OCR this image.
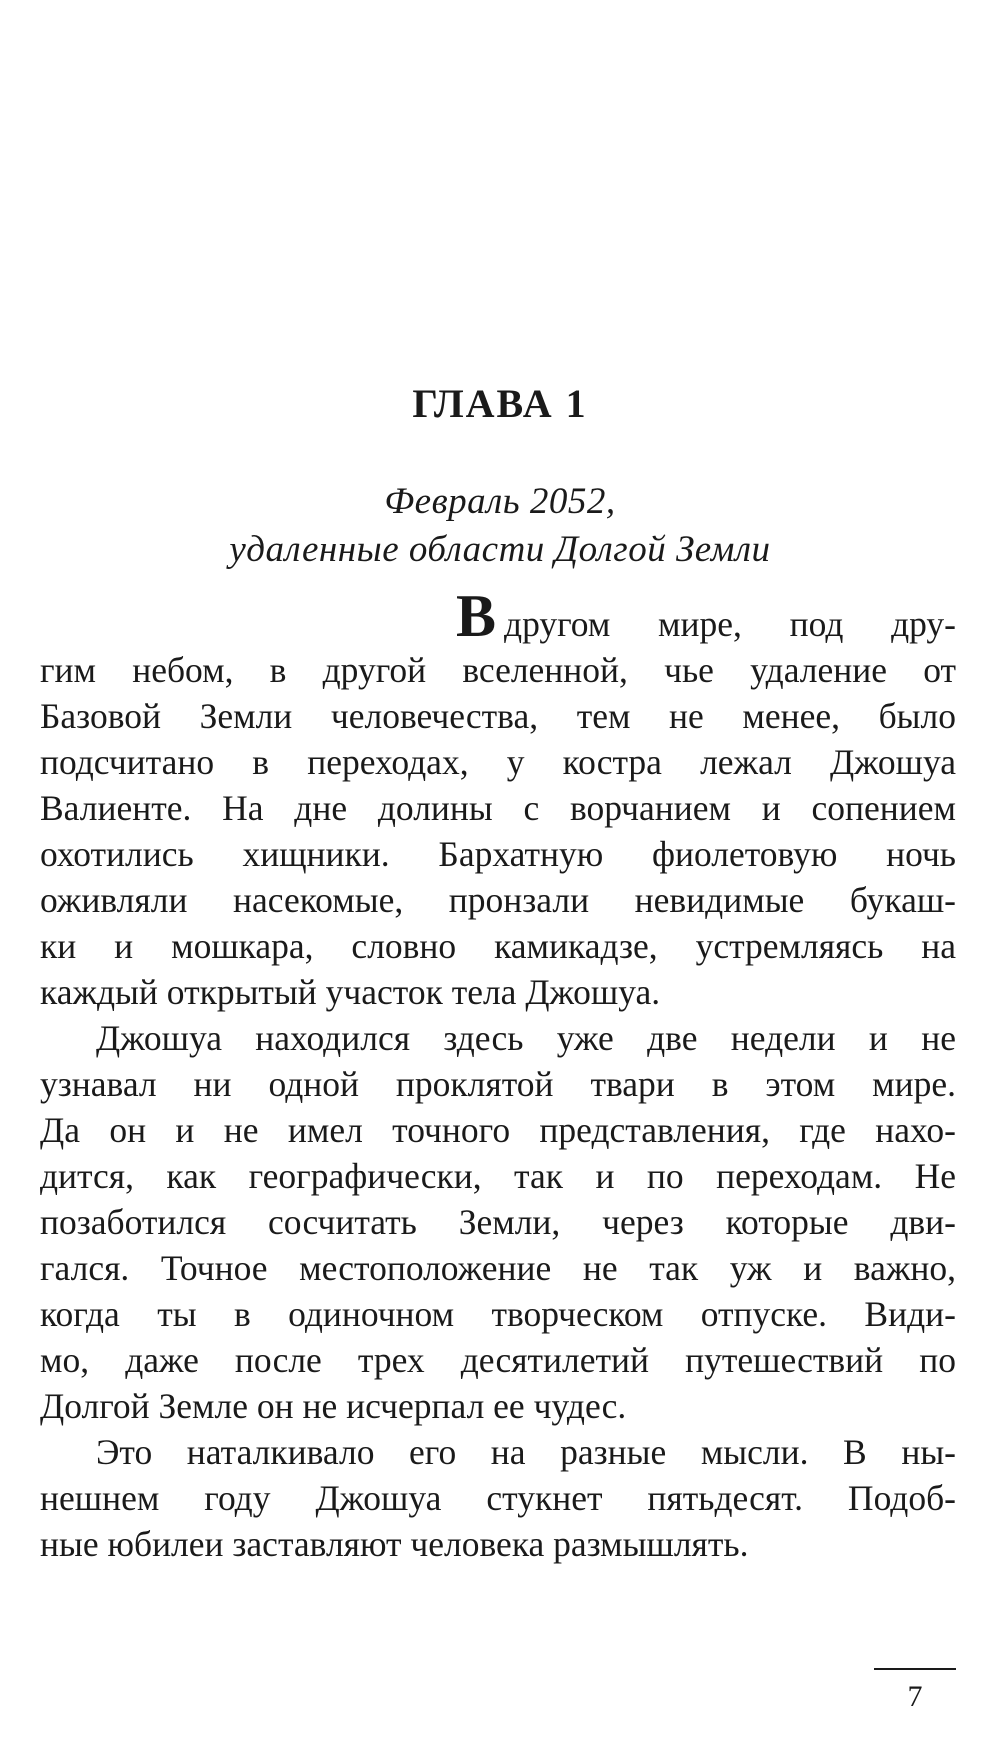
ГЛАВА 1
Февраль 2052,
удаленные области Долгой Земли
Вдругом мире, под дру-
гим небом, в другой вселенной, чье удаление от
Базовой Земли человечества, тем не менее, было
подсчитано в переходах, у костра лежал Джошуа
Валиенте. На дне долины с ворчанием и сопением
охотились хищники. Бархатную фиолетовую ночь
оживляли насекомые, пронзали невидимые букаш-
ки и мошкара, словно камикадзе, устремляясь на
каждый открытый участок тела Джошуа.
Джошуа находился здесь уже две недели и не
узнавал ни одной проклятой твари в этом мире.
Да он и не имел точного представления, где нахо-
дится, как географически, так и по переходам. Не
позаботился сосчитать Земли, через которые дви-
гался. Точное местоположение не так уж и важно,
когда ты в одиночном творческом отпуске. Види-
мо, даже после трех десятилетий путешествий по
Долгой Земле он не исчерпал ее чудес.
Это наталкивало его на разные мысли. В ны-
нешнем году Джошуа стукнет пятьдесят. Подоб-
ные юбилеи заставляют человека размышлять.
7
